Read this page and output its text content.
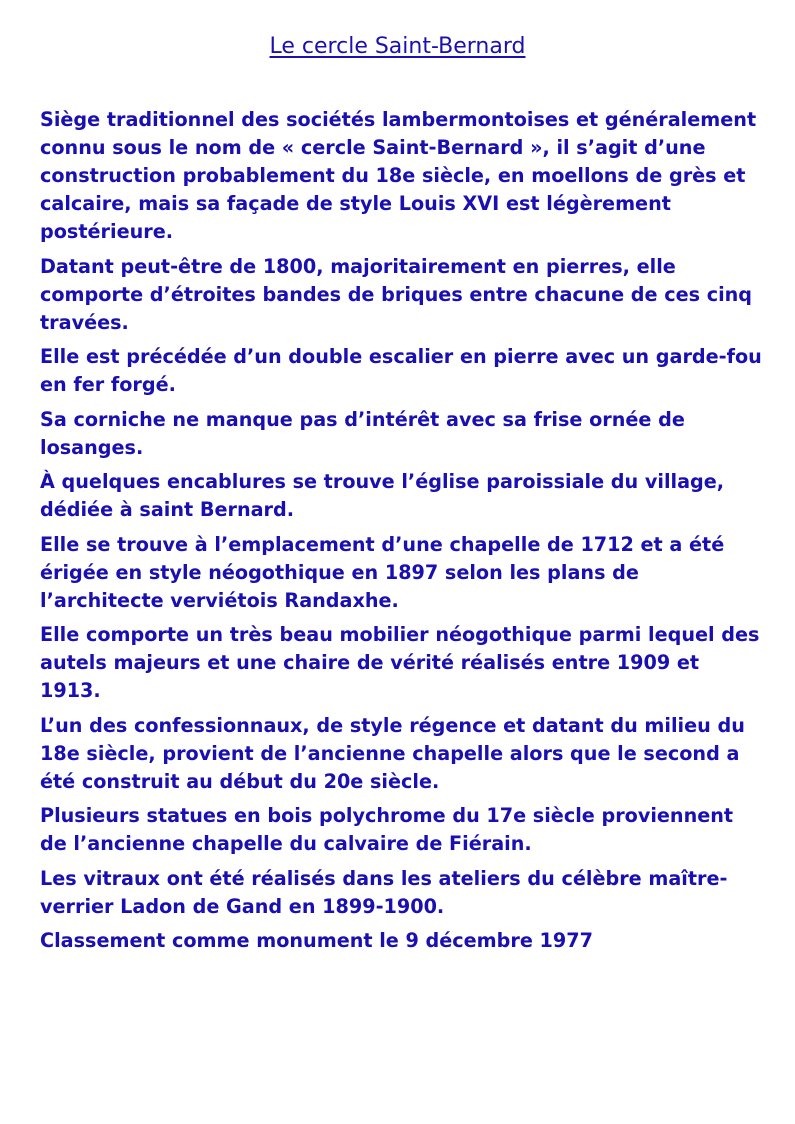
Le cercle Saint-Bernard

Siège traditionnel des sociétés lambermontoises et généralement connu sous le nom de « cercle Saint-Bernard », il s’agit d’une construction probablement du 18e siècle, en moellons de grès et calcaire, mais sa façade de style Louis XVI est légèrement postérieure.

Datant peut-être de 1800, majoritairement en pierres, elle comporte d’étroites bandes de briques entre chacune de ces cinq travées.

Elle est précédée d’un double escalier en pierre avec un garde-fou en fer forgé.

Sa corniche ne manque pas d’intérêt avec sa frise ornée de losanges.

À quelques encablures se trouve l’église paroissiale du village, dédiée à saint Bernard.

Elle se trouve à l’emplacement d’une chapelle de 1712 et a été érigée en style néogothique en 1897 selon les plans de l’architecte verviétois Randaxhe.

Elle comporte un très beau mobilier néogothique parmi lequel des autels majeurs et une chaire de vérité réalisés entre 1909 et 1913.

L’un des confessionnaux, de style régence et datant du milieu du 18e siècle, provient de l’ancienne chapelle alors que le second a été construit au début du 20e siècle.

Plusieurs statues en bois polychrome du 17e siècle proviennent de l’ancienne chapelle du calvaire de Fiérain.

Les vitraux ont été réalisés dans les ateliers du célèbre maître-verrier Ladon de Gand en 1899-1900.

Classement comme monument le 9 décembre 1977
